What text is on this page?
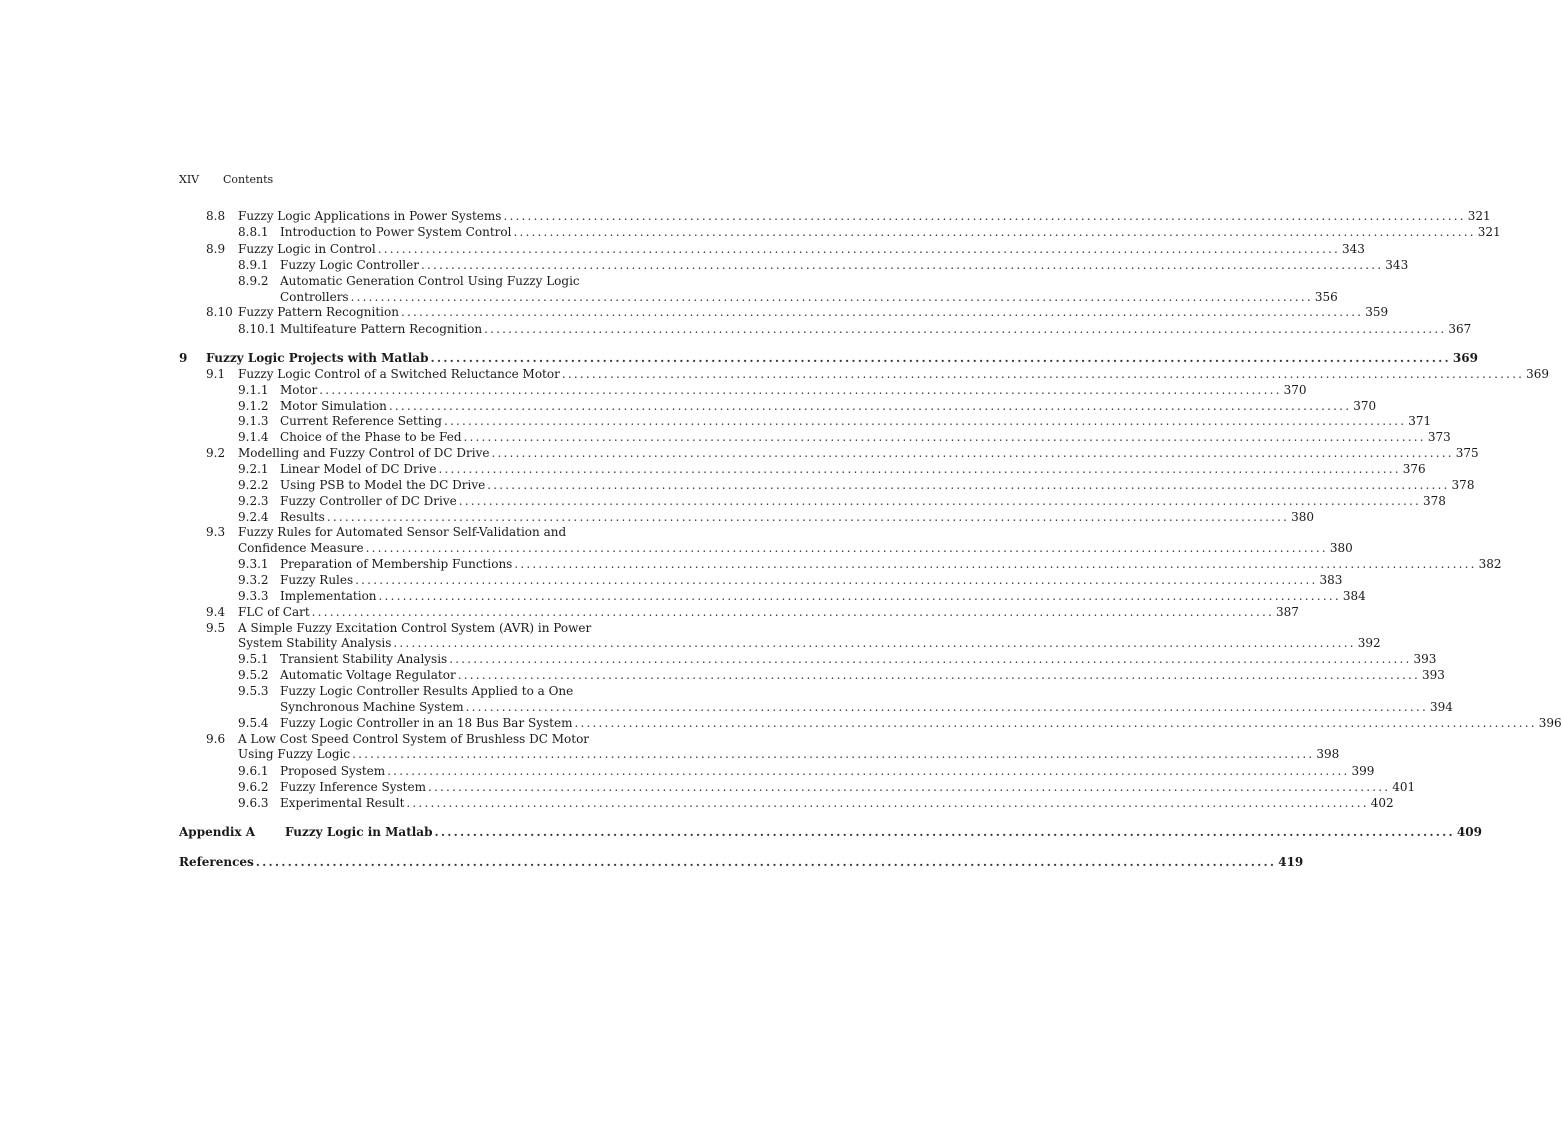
XIV Contents
8.8 Fuzzy Logic Applications in Power Systems ................................................................................................................................................................ 321
8.8.1 Introduction to Power System Control ................................................................................................................................................................ 321
8.9 Fuzzy Logic in Control ................................................................................................................................................................ 343
8.9.1 Fuzzy Logic Controller ................................................................................................................................................................ 343
8.9.2 Automatic Generation Control Using Fuzzy Logic
Controllers ................................................................................................................................................................ 356
8.10 Fuzzy Pattern Recognition ................................................................................................................................................................ 359
8.10.1 Multifeature Pattern Recognition ................................................................................................................................................................ 367
9 Fuzzy Logic Projects with Matlab ................................................................................................................................................................ 369
9.1 Fuzzy Logic Control of a Switched Reluctance Motor ................................................................................................................................................................ 369
9.1.1 Motor ................................................................................................................................................................ 370
9.1.2 Motor Simulation ................................................................................................................................................................ 370
9.1.3 Current Reference Setting ................................................................................................................................................................ 371
9.1.4 Choice of the Phase to be Fed ................................................................................................................................................................ 373
9.2 Modelling and Fuzzy Control of DC Drive ................................................................................................................................................................ 375
9.2.1 Linear Model of DC Drive ................................................................................................................................................................ 376
9.2.2 Using PSB to Model the DC Drive ................................................................................................................................................................ 378
9.2.3 Fuzzy Controller of DC Drive ................................................................................................................................................................ 378
9.2.4 Results ................................................................................................................................................................ 380
9.3 Fuzzy Rules for Automated Sensor Self-Validation and
Confidence Measure ................................................................................................................................................................ 380
9.3.1 Preparation of Membership Functions ................................................................................................................................................................ 382
9.3.2 Fuzzy Rules ................................................................................................................................................................ 383
9.3.3 Implementation ................................................................................................................................................................ 384
9.4 FLC of Cart ................................................................................................................................................................ 387
9.5 A Simple Fuzzy Excitation Control System (AVR) in Power
System Stability Analysis ................................................................................................................................................................ 392
9.5.1 Transient Stability Analysis ................................................................................................................................................................ 393
9.5.2 Automatic Voltage Regulator ................................................................................................................................................................ 393
9.5.3 Fuzzy Logic Controller Results Applied to a One
Synchronous Machine System ................................................................................................................................................................ 394
9.5.4 Fuzzy Logic Controller in an 18 Bus Bar System ................................................................................................................................................................ 396
9.6 A Low Cost Speed Control System of Brushless DC Motor
Using Fuzzy Logic ................................................................................................................................................................ 398
9.6.1 Proposed System ................................................................................................................................................................ 399
9.6.2 Fuzzy Inference System ................................................................................................................................................................ 401
9.6.3 Experimental Result ................................................................................................................................................................ 402
Appendix A Fuzzy Logic in Matlab ................................................................................................................................................................ 409
References ................................................................................................................................................................ 419
